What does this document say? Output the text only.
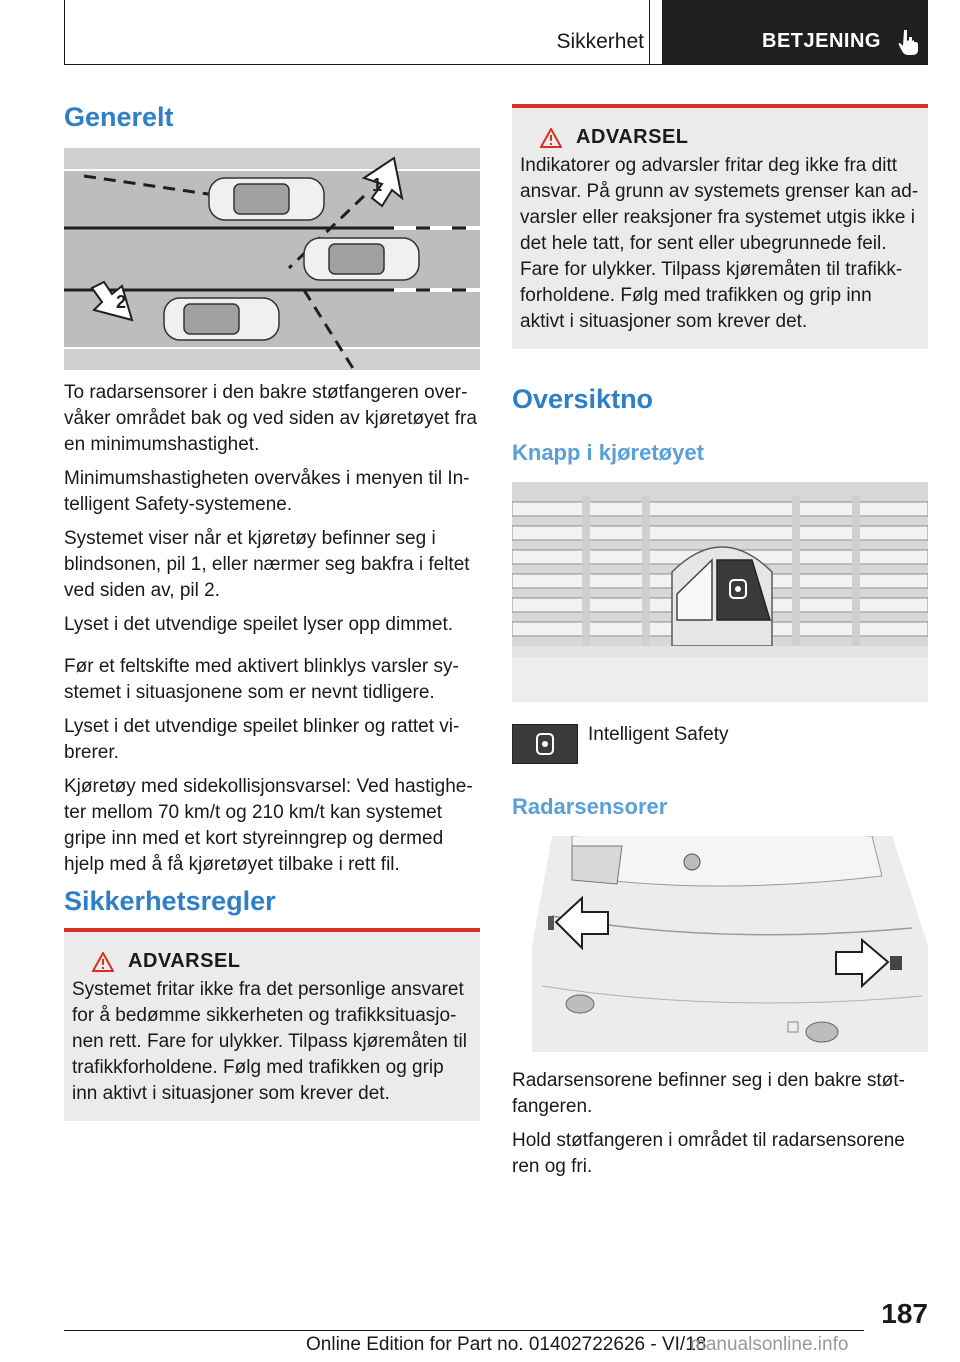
Sikkerhet	BETJENING
Generelt
1
2

To radarsensorer i den bakre støtfangeren over- våker området bak og ved siden av kjøretøyet fra en minimumshastighet.

Minimumshastigheten overvåkes i menyen til In- telligent Safety-systemene.

Systemet viser når et kjøretøy befinner seg i blindsonen, pil 1, eller nærmer seg bakfra i feltet ved siden av, pil 2.

Lyset i det utvendige speilet lyser opp dimmet.

Før et feltskifte med aktivert blinklys varsler sy- stemet i situasjonene som er nevnt tidligere.

Lyset i det utvendige speilet blinker og rattet vi- brerer.

Kjøretøy med sidekollisjonsvarsel: Ved hastighe- ter mellom 70 km/t og 210 km/t kan systemet gripe inn med et kort styreinngrep og dermed hjelp med å få kjøretøyet tilbake i rett fil.

Sikkerhetsregler
ADVARSEL

Systemet fritar ikke fra det personlige ansvaret for å bedømme sikkerheten og trafikksituasjo- nen rett. Fare for ulykker. Tilpass kjøremåten til trafikkforholdene. Følg med trafikken og grip inn aktivt i situasjoner som krever det.

ADVARSEL

Indikatorer og advarsler fritar deg ikke fra ditt ansvar. På grunn av systemets grenser kan ad- varsler eller reaksjoner fra systemet utgis ikke i det hele tatt, for sent eller ubegrunnede feil. Fare for ulykker. Tilpass kjøremåten til trafikk- forholdene. Følg med trafikken og grip inn aktivt i situasjoner som krever det.

Oversiktno
Knapp i kjøretøyet

Intelligent Safety

Radarsensorer

Radarsensorene befinner seg i den bakre støt- fangeren.

Hold støtfangeren i området til radarsensorene ren og fri.

187
Online Edition for Part no. 01402722626 - VI/18
manualsonline.info
